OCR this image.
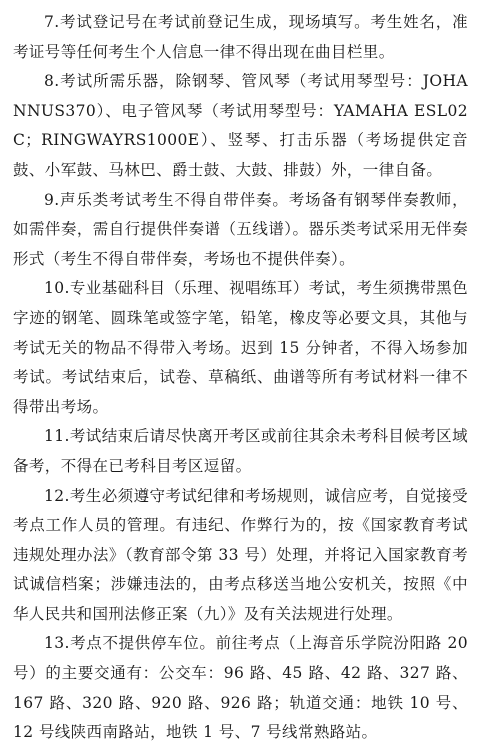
7.考试登记号在考试前登记生成，现场填写。考生姓名，准考证号等任何考生个人信息一律不得出现在曲目栏里。

8.考试所需乐器，除钢琴、管风琴（考试用琴型号：JOHANNUS370）、电子管风琴（考试用琴型号：YAMAHA ESL02C；RINGWAYRS1000E）、竖琴、打击乐器（考场提供定音鼓、小军鼓、马林巴、爵士鼓、大鼓、排鼓）外，一律自备。

9.声乐类考试考生不得自带伴奏。考场备有钢琴伴奏教师，如需伴奏，需自行提供伴奏谱（五线谱）。器乐类考试采用无伴奏形式（考生不得自带伴奏，考场也不提供伴奏）。

10.专业基础科目（乐理、视唱练耳）考试，考生须携带黑色字迹的钢笔、圆珠笔或签字笔，铅笔，橡皮等必要文具，其他与考试无关的物品不得带入考场。迟到 15 分钟者，不得入场参加考试。考试结束后，试卷、草稿纸、曲谱等所有考试材料一律不得带出考场。

11.考试结束后请尽快离开考区或前往其余未考科目候考区域备考，不得在已考科目考区逗留。

12.考生必须遵守考试纪律和考场规则，诚信应考，自觉接受考点工作人员的管理。有违纪、作弊行为的，按《国家教育考试违规处理办法》（教育部令第 33 号）处理，并将记入国家教育考试诚信档案；涉嫌违法的，由考点移送当地公安机关，按照《中华人民共和国刑法修正案（九）》及有关法规进行处理。

13.考点不提供停车位。前往考点（上海音乐学院汾阳路 20 号）的主要交通有：公交车：96 路、45 路、42 路、327 路、167 路、320 路、920 路、926 路；轨道交通：地铁 10 号、12 号线陕西南路站，地铁 1 号、7 号线常熟路站。
